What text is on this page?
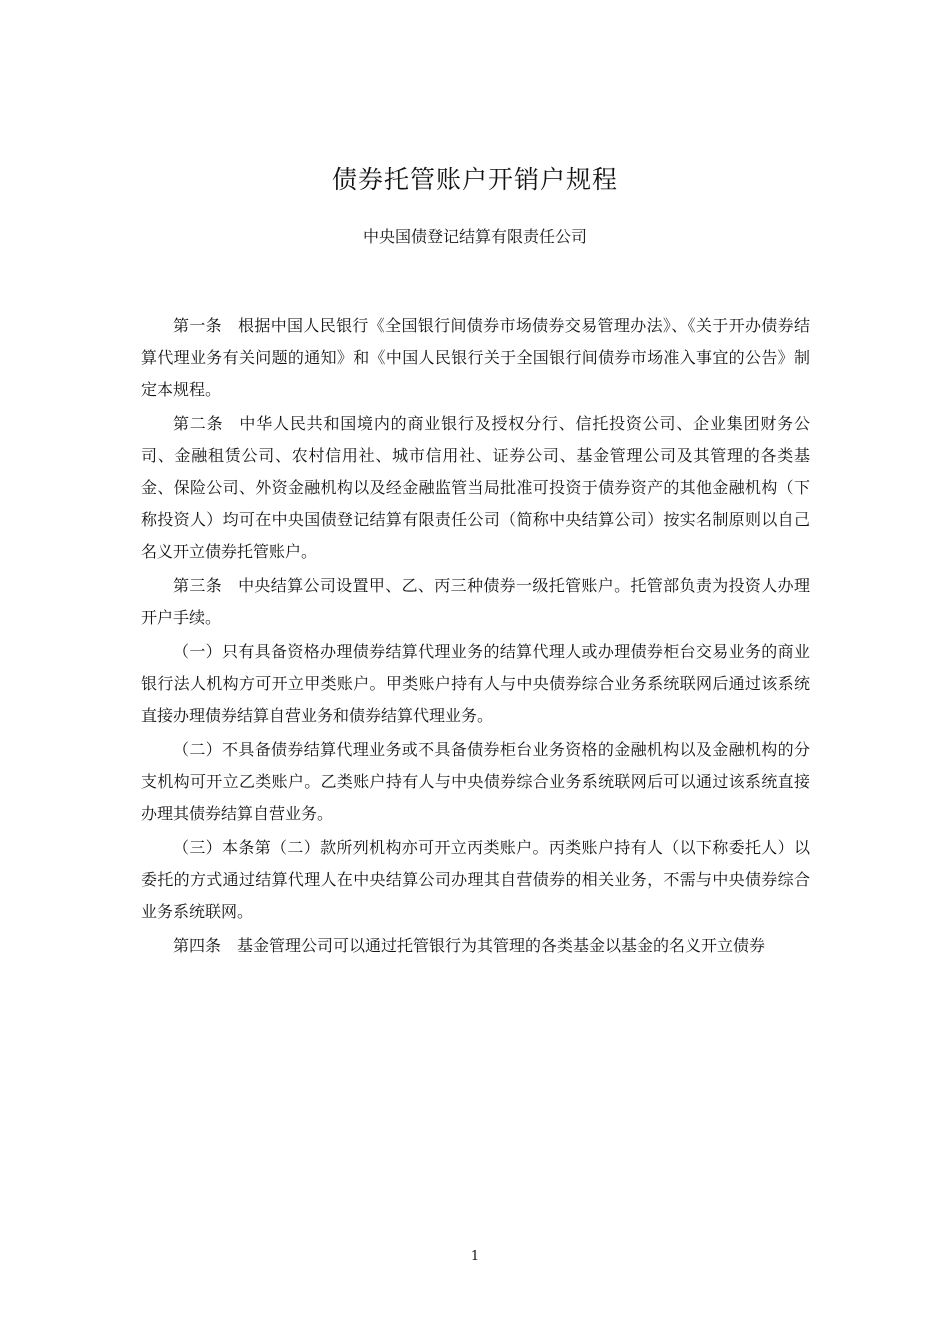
债券托管账户开销户规程

中央国债登记结算有限责任公司

第一条 根据中国人民银行《全国银行间债券市场债券交易管理办法》、《关于开办债券结算代理业务有关问题的通知》和《中国人民银行关于全国银行间债券市场准入事宜的公告》制定本规程。

第二条 中华人民共和国境内的商业银行及授权分行、信托投资公司、企业集团财务公司、金融租赁公司、农村信用社、城市信用社、证券公司、基金管理公司及其管理的各类基金、保险公司、外资金融机构以及经金融监管当局批准可投资于债券资产的其他金融机构（下称投资人）均可在中央国债登记结算有限责任公司（简称中央结算公司）按实名制原则以自己名义开立债券托管账户。

第三条 中央结算公司设置甲、乙、丙三种债券一级托管账户。托管部负责为投资人办理开户手续。

（一）只有具备资格办理债券结算代理业务的结算代理人或办理债券柜台交易业务的商业银行法人机构方可开立甲类账户。甲类账户持有人与中央债券综合业务系统联网后通过该系统直接办理债券结算自营业务和债券结算代理业务。

（二）不具备债券结算代理业务或不具备债券柜台业务资格的金融机构以及金融机构的分支机构可开立乙类账户。乙类账户持有人与中央债券综合业务系统联网后可以通过该系统直接办理其债券结算自营业务。

（三）本条第（二）款所列机构亦可开立丙类账户。丙类账户持有人（以下称委托人）以委托的方式通过结算代理人在中央结算公司办理其自营债券的相关业务，不需与中央债券综合业务系统联网。

第四条 基金管理公司可以通过托管银行为其管理的各类基金以基金的名义开立债券

1
